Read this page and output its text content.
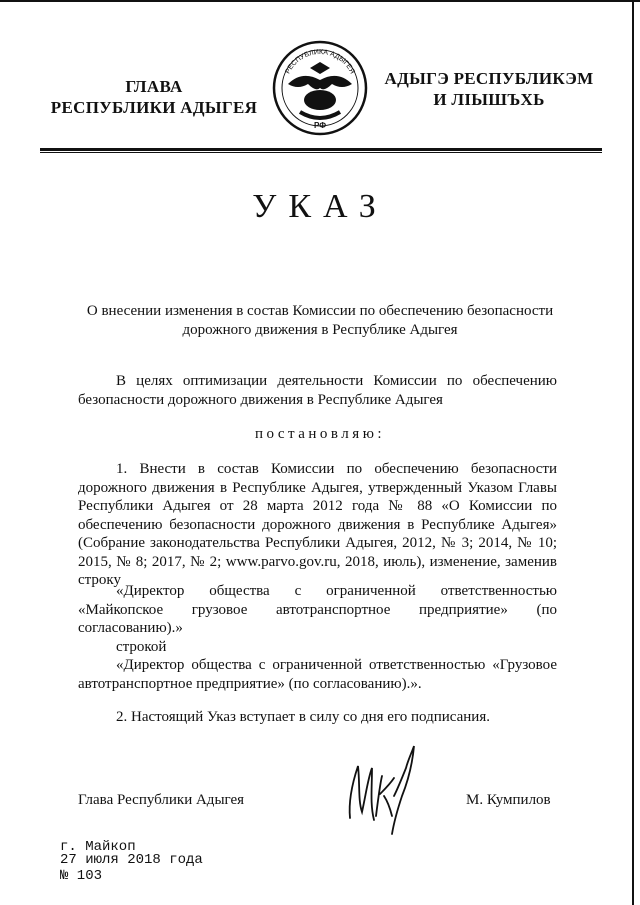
ГЛАВА
РЕСПУБЛИКИ АДЫГЕЯ
РЕСПУБЛИКА АДЫГЕЯ
РФ
АДЫГЭ РЕСПУБЛИКЭМ
И ЛІЫШЪХЬ
УКАЗ
О внесении изменения в состав Комиссии по обеспечению безопасности
дорожного движения в Республике Адыгея
В целях оптимизации деятельности Комиссии по обеспечению безопасности дорожного движения в Республике Адыгея
постановляю:
1. Внести в состав Комиссии по обеспечению безопасности дорожного движения в Республике Адыгея, утвержденный Указом Главы Республики Адыгея от 28 марта 2012 года № 88 «О Комиссии по обеспечению безопасности дорожного движения в Республике Адыгея» (Собрание законодательства Республики Адыгея, 2012, № 3; 2014, № 10; 2015, № 8; 2017, № 2; www.parvo.gov.ru, 2018, июль), изменение, заменив строку
«Директор общества с ограниченной ответственностью «Майкопское грузовое автотранспортное предприятие» (по согласованию).»
строкой
«Директор общества с ограниченной ответственностью «Грузовое автотранспортное предприятие» (по согласованию).».
2. Настоящий Указ вступает в силу со дня его подписания.
Глава Республики Адыгея	М. Кумпилов
г. Майкоп
27 июля 2018 года
№ 103
